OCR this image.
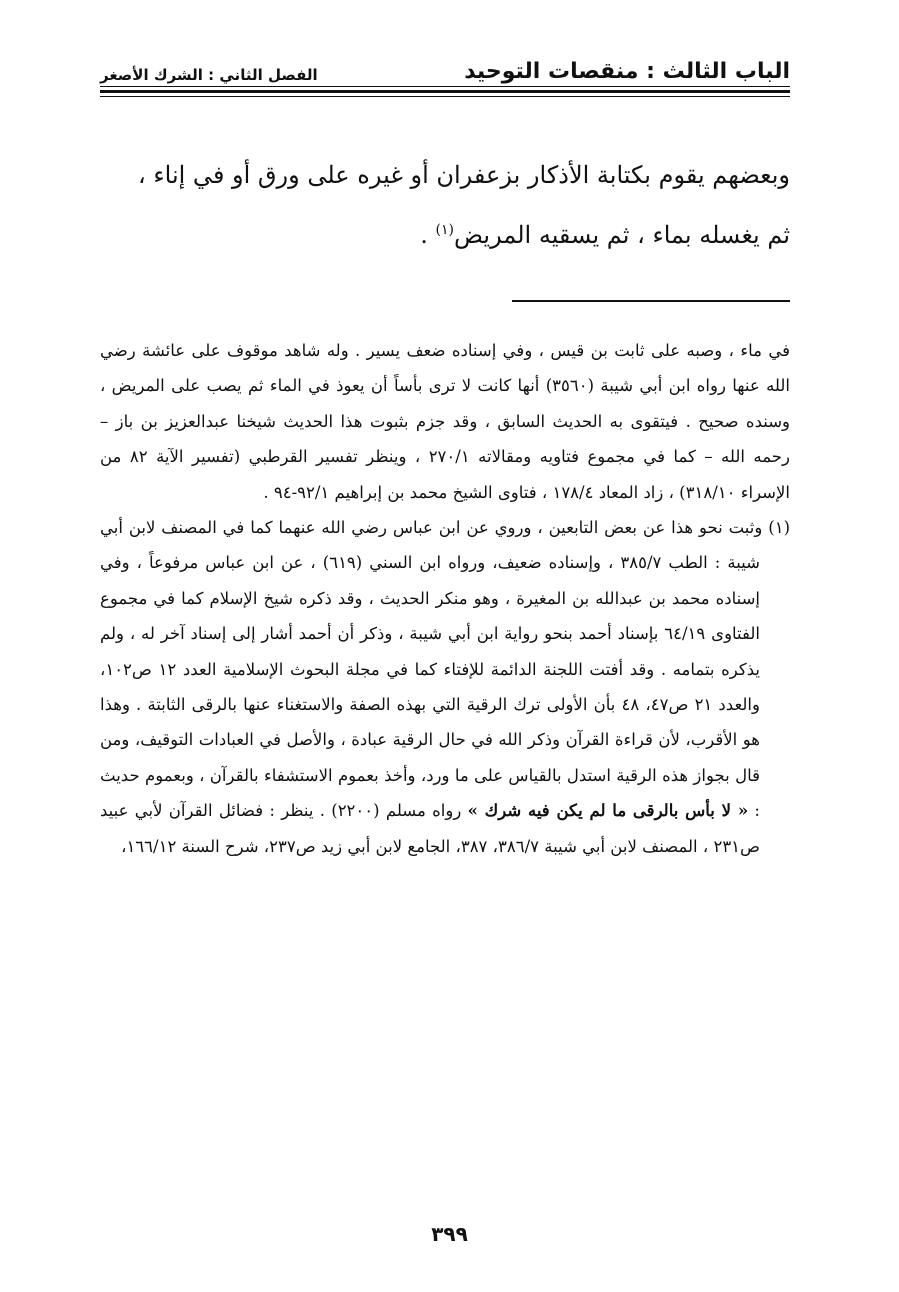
الباب الثالث : منقصات التوحيد
الفصل الثاني : الشرك الأصغر

وبعضهم يقوم بكتابة الأذكار بزعفران أو غيره على ورق أو في إناء ،

ثم يغسله بماء ، ثم يسقيه المريض$^{(١)}$ .

في ماء ، وصبه على ثابت بن قيس ، وفي إسناده ضعف يسير . وله شاهد موقوف على عائشة رضي الله عنها رواه ابن أبي شيبة (٣٥٦٠) أنها كانت لا ترى بأساً أن يعوذ في الماء ثم يصب على المريض ، وسنده صحيح . فيتقوى به الحديث السابق ، وقد جزم بثبوت هذا الحديث شيخنا عبدالعزيز بن باز – رحمه الله – كما في مجموع فتاويه ومقالاته ٢٧٠/١ ، وينظر تفسير القرطبي (تفسير الآية ٨٢ من الإسراء ٣١٨/١٠) ، زاد المعاد ١٧٨/٤ ، فتاوى الشيخ محمد بن إبراهيم ٩٢/١-٩٤ .

(١) وثبت نحو هذا عن بعض التابعين ، وروي عن ابن عباس رضي الله عنهما كما في المصنف لابن أبي شيبة : الطب ٣٨٥/٧ ، وإسناده ضعيف، ورواه ابن السني (٦١٩) ، عن ابن عباس مرفوعاً ، وفي إسناده محمد بن عبدالله بن المغيرة ، وهو منكر الحديث ، وقد ذكره شيخ الإسلام كما في مجموع الفتاوى ٦٤/١٩ بإسناد أحمد بنحو رواية ابن أبي شيبة ، وذكر أن أحمد أشار إلى إسناد آخر له ، ولم يذكره بتمامه . وقد أفتت اللجنة الدائمة للإفتاء كما في مجلة البحوث الإسلامية العدد ١٢ ص١٠٢، والعدد ٢١ ص٤٧، ٤٨ بأن الأولى ترك الرقية التي بهذه الصفة والاستغناء عنها بالرقى الثابتة . وهذا هو الأقرب، لأن قراءة القرآن وذكر الله في حال الرقية عبادة ، والأصل في العبادات التوقيف، ومن قال بجواز هذه الرقية استدل بالقياس على ما ورد، وأخذ بعموم الاستشفاء بالقرآن ، وبعموم حديث : « لا بأس بالرقى ما لم يكن فيه شرك » رواه مسلم (٢٢٠٠) . ينظر : فضائل القرآن لأبي عبيد ص٢٣١ ، المصنف لابن أبي شيبة ٣٨٦/٧، ٣٨٧، الجامع لابن أبي زيد ص٢٣٧، شرح السنة ١٦٦/١٢،

٣٩٩
